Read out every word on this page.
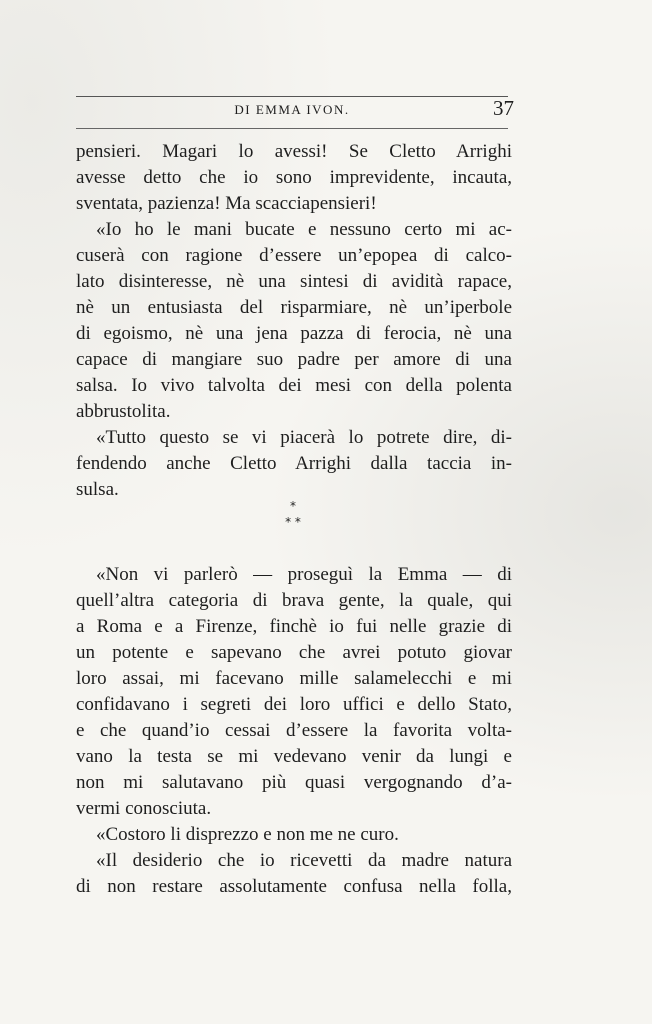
DI EMMA IVON.	37
pensieri. Magari lo avessi! Se Cletto Arrighi
avesse detto che io sono imprevidente, incauta,
sventata, pazienza! Ma scacciapensieri!
«Io ho le mani bucate e nessuno certo mi ac-
cuserà con ragione d’essere un’epopea di calco-
lato disinteresse, nè una sintesi di avidità rapace,
nè un entusiasta del risparmiare, nè un’iperbole
di egoismo, nè una jena pazza di ferocia, nè una
capace di mangiare suo padre per amore di una
salsa. Io vivo talvolta dei mesi con della polenta
abbrustolita.
«Tutto questo se vi piacerà lo potrete dire, di-
fendendo anche Cletto Arrighi dalla taccia in-
sulsa.
*
* *
«Non vi parlerò — proseguì la Emma — di
quell’altra categoria di brava gente, la quale, qui
a Roma e a Firenze, finchè io fui nelle grazie di
un potente e sapevano che avrei potuto giovar
loro assai, mi facevano mille salamelecchi e mi
confidavano i segreti dei loro uffici e dello Stato,
e che quand’io cessai d’essere la favorita volta-
vano la testa se mi vedevano venir da lungi e
non mi salutavano più quasi vergognando d’a-
vermi conosciuta.
«Costoro li disprezzo e non me ne curo.
«Il desiderio che io ricevetti da madre natura
di non restare assolutamente confusa nella folla,
